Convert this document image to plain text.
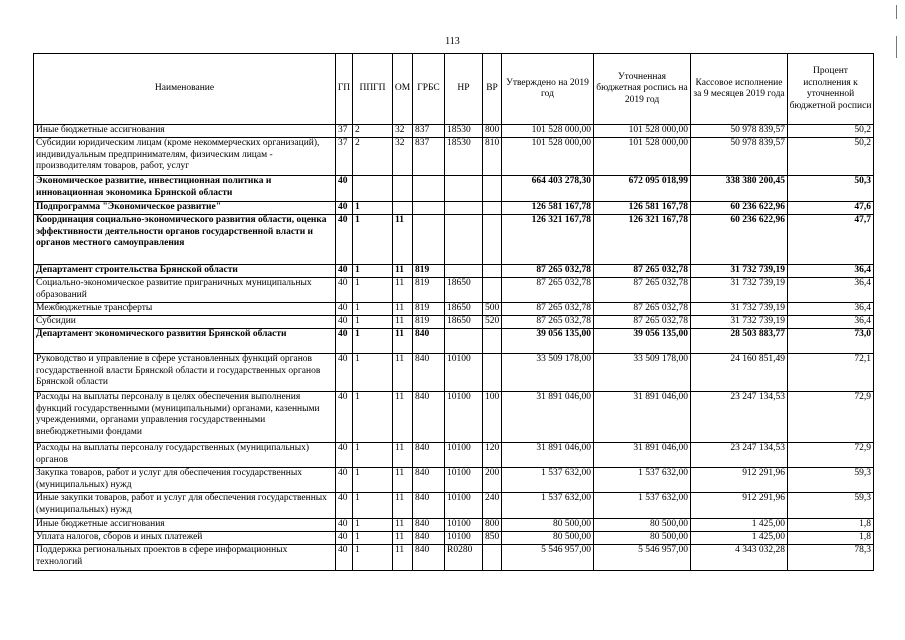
113
Наименование	ГП	ППГП	ОМ	ГРБС	НР	ВР	Утверждено на 2019 год	Уточненная бюджетная роспись на 2019 год	Кассовое исполнение за 9 месяцев 2019 года	Процент исполнения к уточненной бюджетной росписи
Иные бюджетные ассигнования	37	2	32	837	18530	800	101 528 000,00	101 528 000,00	50 978 839,57	50,2
Субсидии юридическим лицам (кроме некоммерческих организаций), индивидуальным предпринимателям, физическим лицам - производителям товаров, работ, услуг	37	2	32	837	18530	810	101 528 000,00	101 528 000,00	50 978 839,57	50,2
Экономическое развитие, инвестиционная политика и инновационная экономика Брянской области	40						664 403 278,30	672 095 018,99	338 380 200,45	50,3
Подпрограмма "Экономическое развитие"	40	1					126 581 167,78	126 581 167,78	60 236 622,96	47,6
Координация социально-экономического развития области, оценка эффективности деятельности органов государственной власти и органов местного самоуправления	40	1	11				126 321 167,78	126 321 167,78	60 236 622,96	47,7
Департамент строительства Брянской области	40	1	11	819			87 265 032,78	87 265 032,78	31 732 739,19	36,4
Социально-экономическое развитие приграничных муниципальных образований	40	1	11	819	18650		87 265 032,78	87 265 032,78	31 732 739,19	36,4
Межбюджетные трансферты	40	1	11	819	18650	500	87 265 032,78	87 265 032,78	31 732 739,19	36,4
Субсидии	40	1	11	819	18650	520	87 265 032,78	87 265 032,78	31 732 739,19	36,4
Департамент экономического развития Брянской области	40	1	11	840			39 056 135,00	39 056 135,00	28 503 883,77	73,0
Руководство и управление в сфере установленных функций органов государственной власти Брянской области и государственных органов Брянской области	40	1	11	840	10100		33 509 178,00	33 509 178,00	24 160 851,49	72,1
Расходы на выплаты персоналу в целях обеспечения выполнения функций государственными (муниципальными) органами, казенными учреждениями, органами управления государственными внебюджетными фондами	40	1	11	840	10100	100	31 891 046,00	31 891 046,00	23 247 134,53	72,9
Расходы на выплаты персоналу государственных (муниципальных) органов	40	1	11	840	10100	120	31 891 046,00	31 891 046,00	23 247 134,53	72,9
Закупка товаров, работ и услуг для обеспечения государственных (муниципальных) нужд	40	1	11	840	10100	200	1 537 632,00	1 537 632,00	912 291,96	59,3
Иные закупки товаров, работ и услуг для обеспечения государственных (муниципальных) нужд	40	1	11	840	10100	240	1 537 632,00	1 537 632,00	912 291,96	59,3
Иные бюджетные ассигнования	40	1	11	840	10100	800	80 500,00	80 500,00	1 425,00	1,8
Уплата налогов, сборов и иных платежей	40	1	11	840	10100	850	80 500,00	80 500,00	1 425,00	1,8
Поддержка региональных проектов в сфере информационных технологий	40	1	11	840	R0280		5 546 957,00	5 546 957,00	4 343 032,28	78,3
